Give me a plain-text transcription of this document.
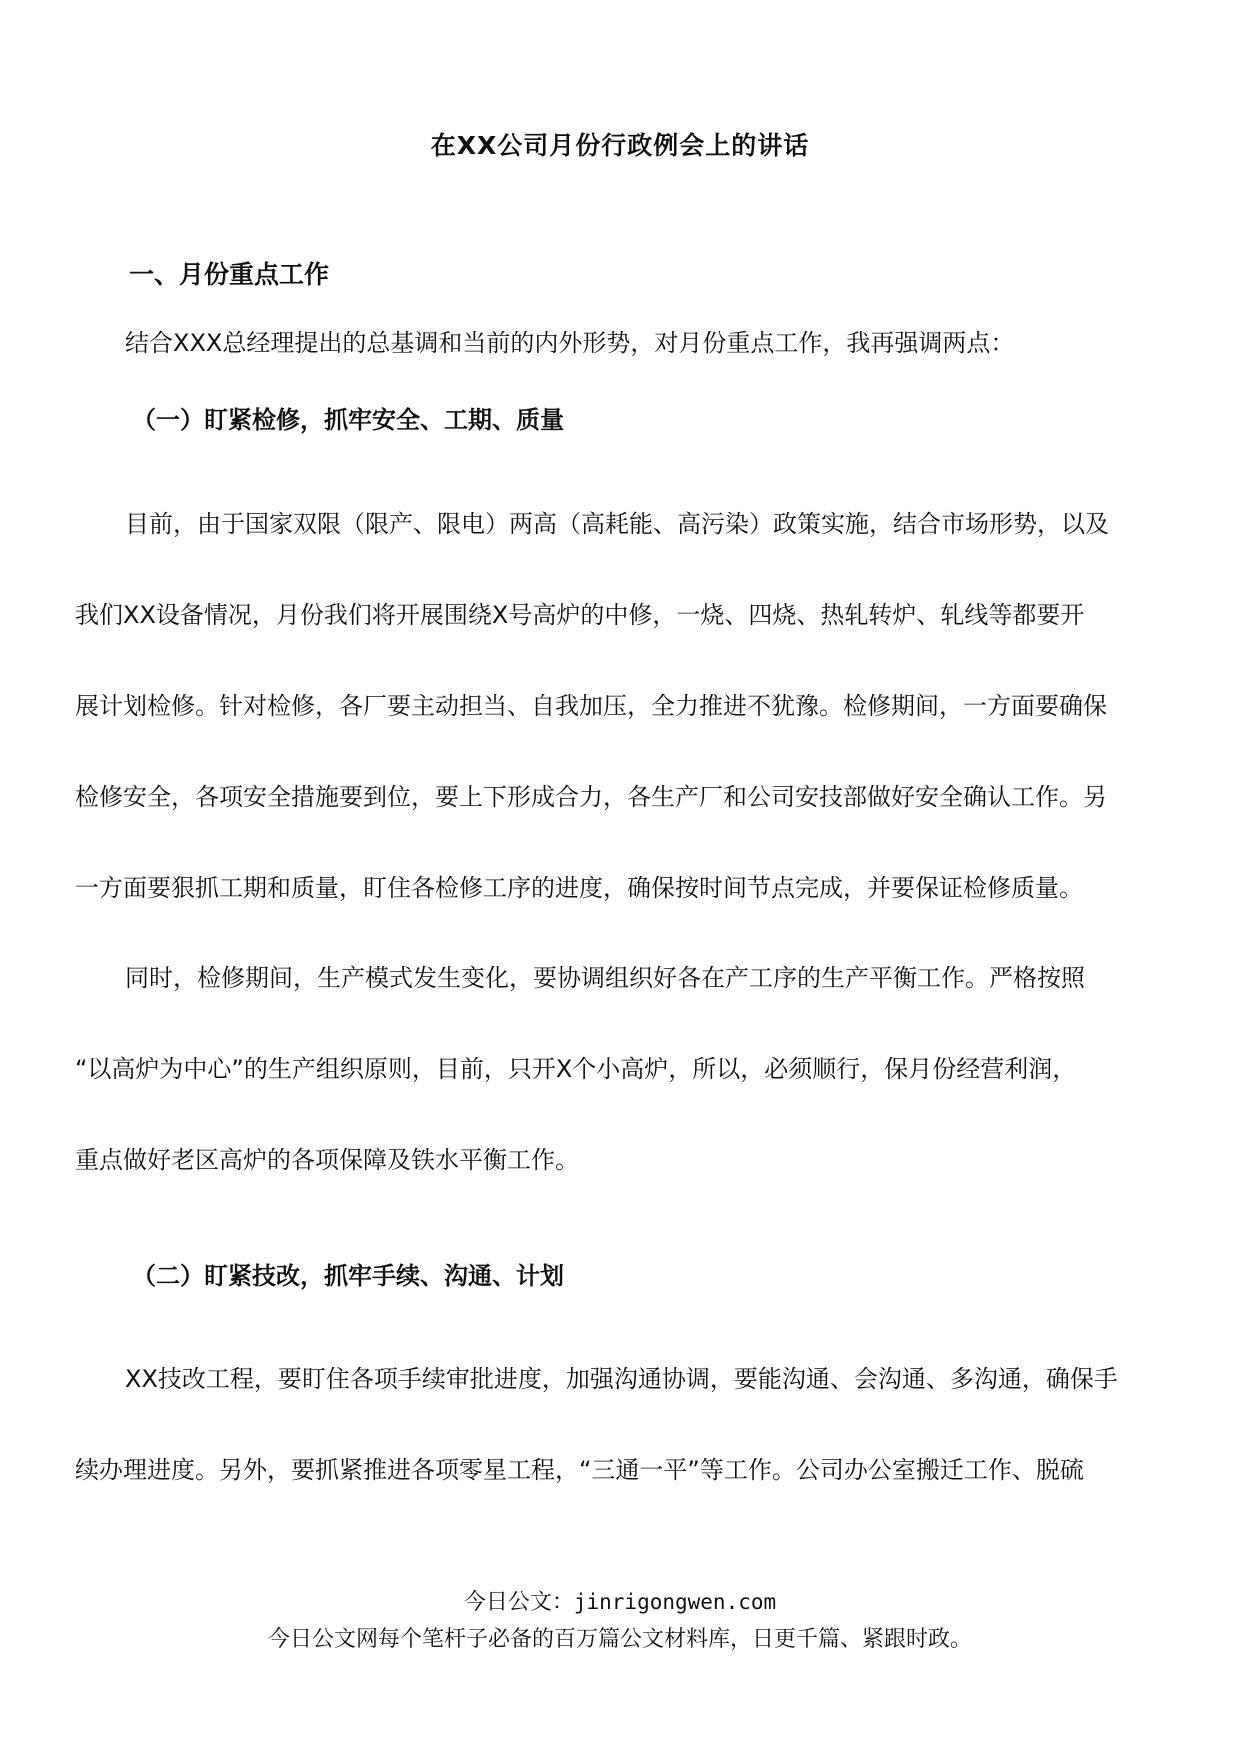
在XX公司月份行政例会上的讲话
一、月份重点工作
结合XXX总经理提出的总基调和当前的内外形势，对月份重点工作，我再强调两点：
（一）盯紧检修，抓牢安全、工期、质量
目前，由于国家双限（限产、限电）两高（高耗能、高污染）政策实施，结合市场形势，以及
我们XX设备情况，月份我们将开展围绕X号高炉的中修，一烧、四烧、热轧转炉、轧线等都要开
展计划检修。针对检修，各厂要主动担当、自我加压，全力推进不犹豫。检修期间，一方面要确保
检修安全，各项安全措施要到位，要上下形成合力，各生产厂和公司安技部做好安全确认工作。另
一方面要狠抓工期和质量，盯住各检修工序的进度，确保按时间节点完成，并要保证检修质量。
同时，检修期间，生产模式发生变化，要协调组织好各在产工序的生产平衡工作。严格按照
“以高炉为中心”的生产组织原则，目前，只开X个小高炉，所以，必须顺行，保月份经营利润，
重点做好老区高炉的各项保障及铁水平衡工作。
（二）盯紧技改，抓牢手续、沟通、计划
XX技改工程，要盯住各项手续审批进度，加强沟通协调，要能沟通、会沟通、多沟通，确保手
续办理进度。另外，要抓紧推进各项零星工程，“三通一平”等工作。公司办公室搬迁工作、脱硫
今日公文：jinrigongwen.com
今日公文网每个笔杆子必备的百万篇公文材料库，日更千篇、紧跟时政。
